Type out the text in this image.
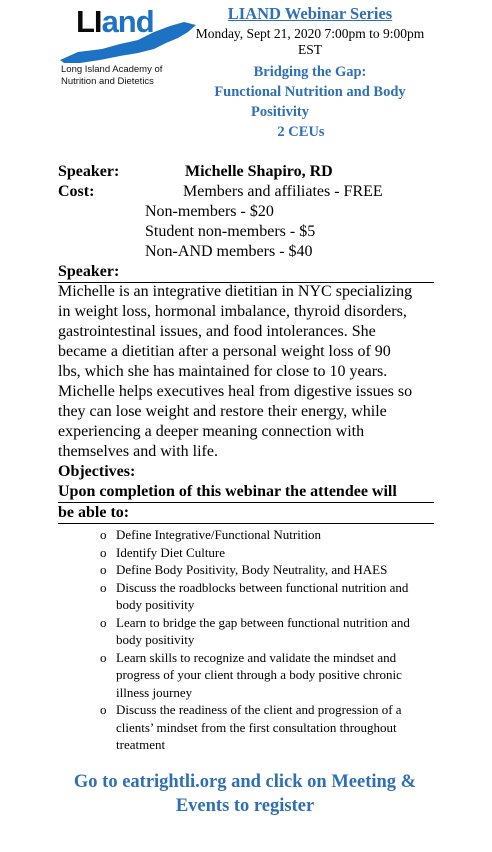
LIand
Long Island Academy of
Nutrition and Dietetics
LIAND Webinar Series
Monday, Sept 21, 2020 7:00pm to 9:00pm
EST
Bridging the Gap:
Functional Nutrition and Body
Positivity
2 CEUs
Speaker:	Michelle Shapiro, RD
Cost:	Members and affiliates - FREE
Non-members - $20
Student non-members - $5
Non-AND members - $40
Speaker:
Michelle is an integrative dietitian in NYC specializing
in weight loss, hormonal imbalance, thyroid disorders,
gastrointestinal issues, and food intolerances. She
became a dietitian after a personal weight loss of 90
lbs, which she has maintained for close to 10 years.
Michelle helps executives heal from digestive issues so
they can lose weight and restore their energy, while
experiencing a deeper meaning connection with
themselves and with life.
Objectives:
Upon completion of this webinar the attendee will
be able to:
o Define Integrative/Functional Nutrition
o Identify Diet Culture
o Define Body Positivity, Body Neutrality, and HAES
o Discuss the roadblocks between functional nutrition and body positivity
o Learn to bridge the gap between functional nutrition and body positivity
o Learn skills to recognize and validate the mindset and progress of your client through a body positive chronic illness journey
o Discuss the readiness of the client and progression of a clients’ mindset from the first consultation throughout treatment
Go to eatrightli.org and click on Meeting &
Events to register
